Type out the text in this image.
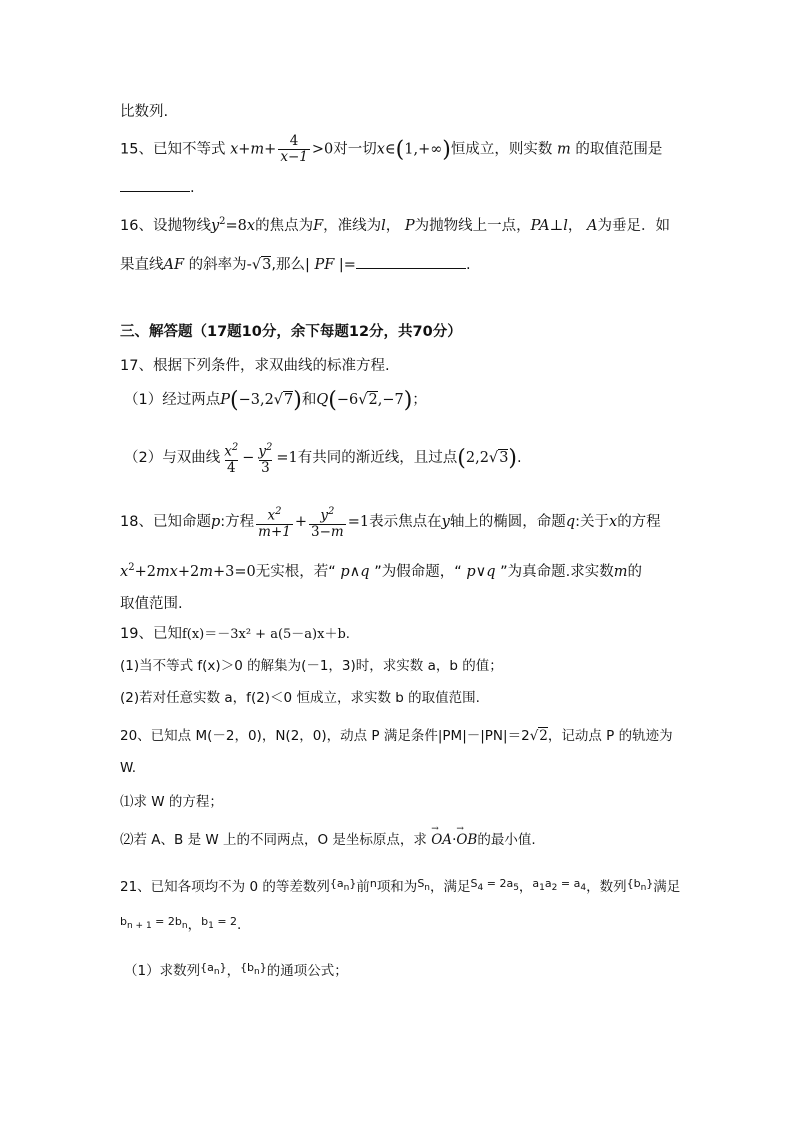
比数列.
15、已知不等式 $x+m+ \frac{4}{x-1} >0$对一切x∈(1,+∞)恒成立，则实数 m 的取值范围是
.
16、设抛物线$y^2=8x$的焦点为F，准线为l， P为抛物线上一点，PA⊥l， A为垂足．如
果直线AF 的斜率为-√3,那么| PF |=	.
三、解答题（17题10分，余下每题12分，共70分）
17、根据下列条件，求双曲线的标准方程.
（1）经过两点P(−3,2√7)和Q(−6√2,−7)；
（2）与双曲线 $\frac{x^2}{4} - \frac{y^2}{3} =1$有共同的渐近线，且过点(2,2√3).
18、已知命题p:方程 $\frac{x^2}{m+1} + \frac{y^2}{3-m} =1$表示焦点在y轴上的椭圆，命题q:关于x的方程
$x^2+2mx+2m+3=0$无实根，若“ p∧q ”为假命题，“ p∨q ”为真命题.求实数m的
取值范围.
19、已知f(x)＝－3x² + a(5－a)x＋b.
(1)当不等式 f(x)＞0 的解集为(－1，3)时，求实数 a，b 的值；
(2)若对任意实数 a，f(2)＜0 恒成立，求实数 b 的取值范围.
20、已知点 M(－2，0)，N(2，0)，动点 P 满足条件|PM|－|PN|＝2√2，记动点 P 的轨迹为
W.
⑴求 W 的方程；
⑵若 A、B 是 W 上的不同两点，O 是坐标原点，求 OA →·OB →的最小值.
21、已知各项均不为 0 的等差数列$^{\{a_n\}}$前$^n$项和为$^{S_n}$，满足$^{S_4 = 2a_5}$，$^{a_1a_2 = a_4}$，数列$^{\{b_n\}}$满足
$^{b_{n + 1} = 2b_n}$，$^{b_1 = 2}$.
（1）求数列$^{\{a_n\}}$，$^{\{b_n\}}$的通项公式；
